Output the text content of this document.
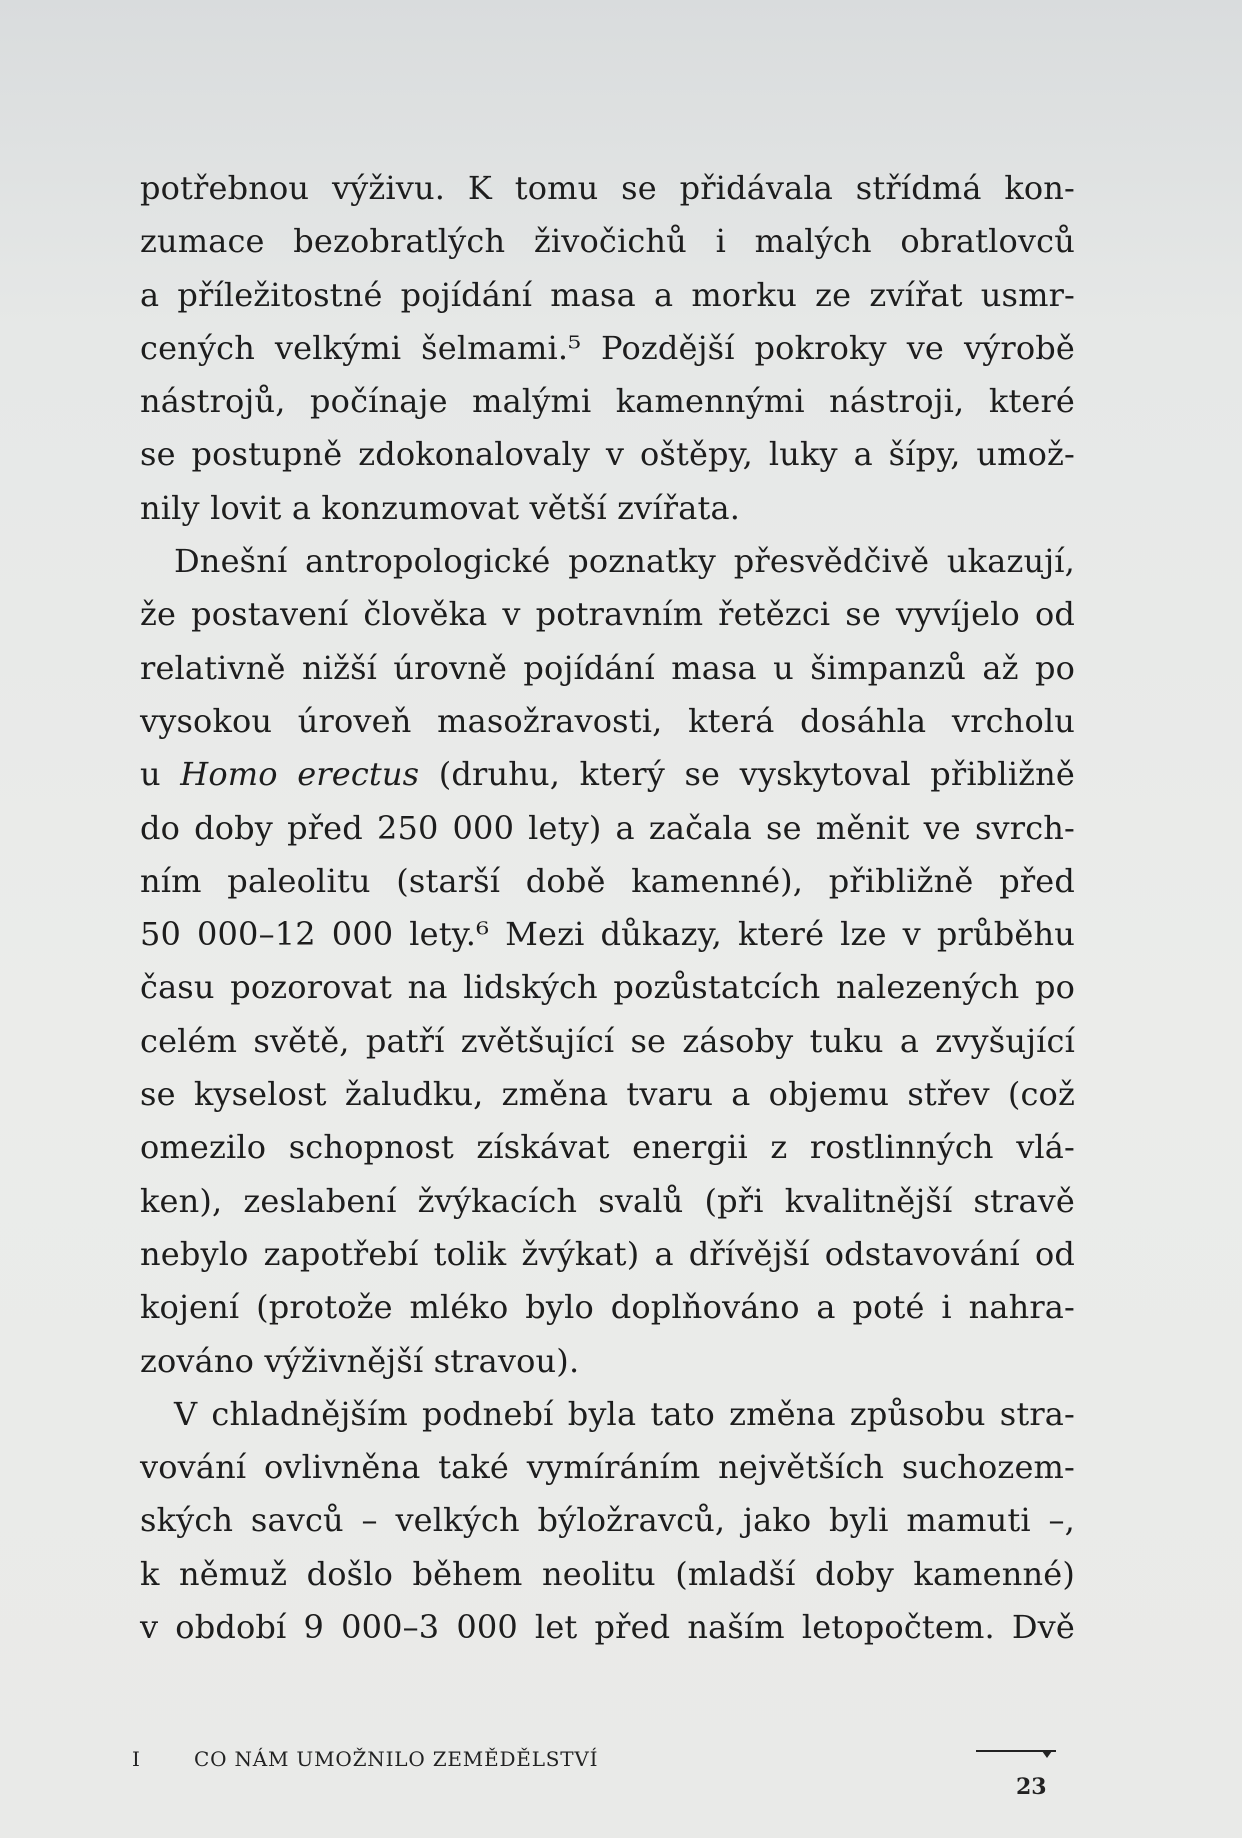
potřebnou výživu. K tomu se přidávala střídmá kon-
zumace bezobratlých živočichů i malých obratlovců
a příležitostné pojídání masa a morku ze zvířat usmr-
cených velkými šelmami.⁵ Pozdější pokroky ve výrobě
nástrojů, počínaje malými kamennými nástroji, které
se postupně zdokonalovaly v oštěpy, luky a šípy, umož-
nily lovit a konzumovat větší zvířata.
Dnešní antropologické poznatky přesvědčivě ukazují,
že postavení člověka v potravním řetězci se vyvíjelo od
relativně nižší úrovně pojídání masa u šimpanzů až po
vysokou úroveň masožravosti, která dosáhla vrcholu
u Homo erectus (druhu, který se vyskytoval přibližně
do doby před 250 000 lety) a začala se měnit ve svrch-
ním paleolitu (starší době kamenné), přibližně před
50 000–12 000 lety.⁶ Mezi důkazy, které lze v průběhu
času pozorovat na lidských pozůstatcích nalezených po
celém světě, patří zvětšující se zásoby tuku a zvyšující
se kyselost žaludku, změna tvaru a objemu střev (což
omezilo schopnost získávat energii z rostlinných vlá-
ken), zeslabení žvýkacích svalů (při kvalitnější stravě
nebylo zapotřebí tolik žvýkat) a dřívější odstavování od
kojení (protože mléko bylo doplňováno a poté i nahra-
zováno výživnější stravou).
V chladnějším podnebí byla tato změna způsobu stra-
vování ovlivněna také vymíráním největších suchozem-
ských savců – velkých býložravců, jako byli mamuti –,
k němuž došlo během neolitu (mladší doby kamenné)
v období 9 000–3 000 let před naším letopočtem. Dvě
I	CO NÁM UMOŽNILO ZEMĚDĚLSTVÍ
23
